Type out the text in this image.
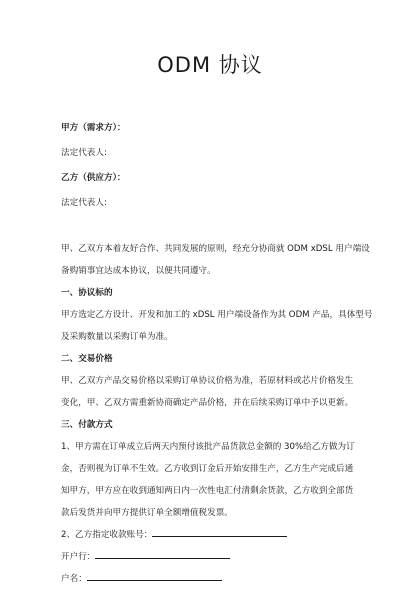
ODM 协议

甲方（需求方）：

法定代表人:

乙方（供应方）：

法定代表人:

甲、乙双方本着友好合作、共同发展的原则，经充分协商就 ODM xDSL 用户端设

备购销事宜达成本协议，以便共同遵守。

一、协议标的

甲方选定乙方设计、开发和加工的 xDSL 用户端设备作为其 ODM 产品，具体型号

及采购数量以采购订单为准。

二、交易价格

甲、乙双方产品交易价格以采购订单协议价格为准，若原材料或芯片价格发生

变化，甲、乙双方需重新协商确定产品价格，并在后续采购订单中予以更新。

三、付款方式

1、甲方需在订单成立后两天内预付该批产品货款总金额的 30%给乙方做为订

金，否则视为订单不生效。乙方收到订金后开始安排生产，乙方生产完成后通

知甲方，甲方应在收到通知两日内一次性电汇付清剩余货款，乙方收到全部货

款后发货并向甲方提供订单全额增值税发票。

2、乙方指定收款账号：

开户行：

户名：
